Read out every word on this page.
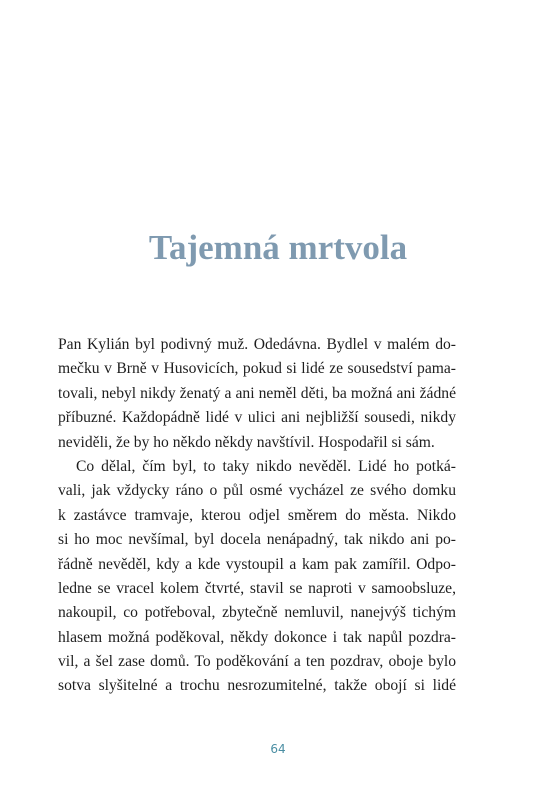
Tajemná mrtvola
Pan Kylián byl podivný muž. Odedávna. Bydlel v malém do-
mečku v Brně v Husovicích, pokud si lidé ze sousedství pama-
tovali, nebyl nikdy ženatý a ani neměl děti, ba možná ani žádné
příbuzné. Každopádně lidé v ulici ani nejbližší sousedi, nikdy
neviděli, že by ho někdo někdy navštívil. Hospodařil si sám.
Co dělal, čím byl, to taky nikdo nevěděl. Lidé ho potká-
vali, jak vždycky ráno o půl osmé vycházel ze svého domku
k zastávce tramvaje, kterou odjel směrem do města. Nikdo
si ho moc nevšímal, byl docela nenápadný, tak nikdo ani po-
řádně nevěděl, kdy a kde vystoupil a kam pak zamířil. Odpo-
ledne se vracel kolem čtvrté, stavil se naproti v samoobsluze,
nakoupil, co potřeboval, zbytečně nemluvil, nanejvýš tichým
hlasem možná poděkoval, někdy dokonce i tak napůl pozdra-
vil, a šel zase domů. To poděkování a ten pozdrav, oboje bylo
sotva slyšitelné a trochu nesrozumitelné, takže obojí si lidé
64
